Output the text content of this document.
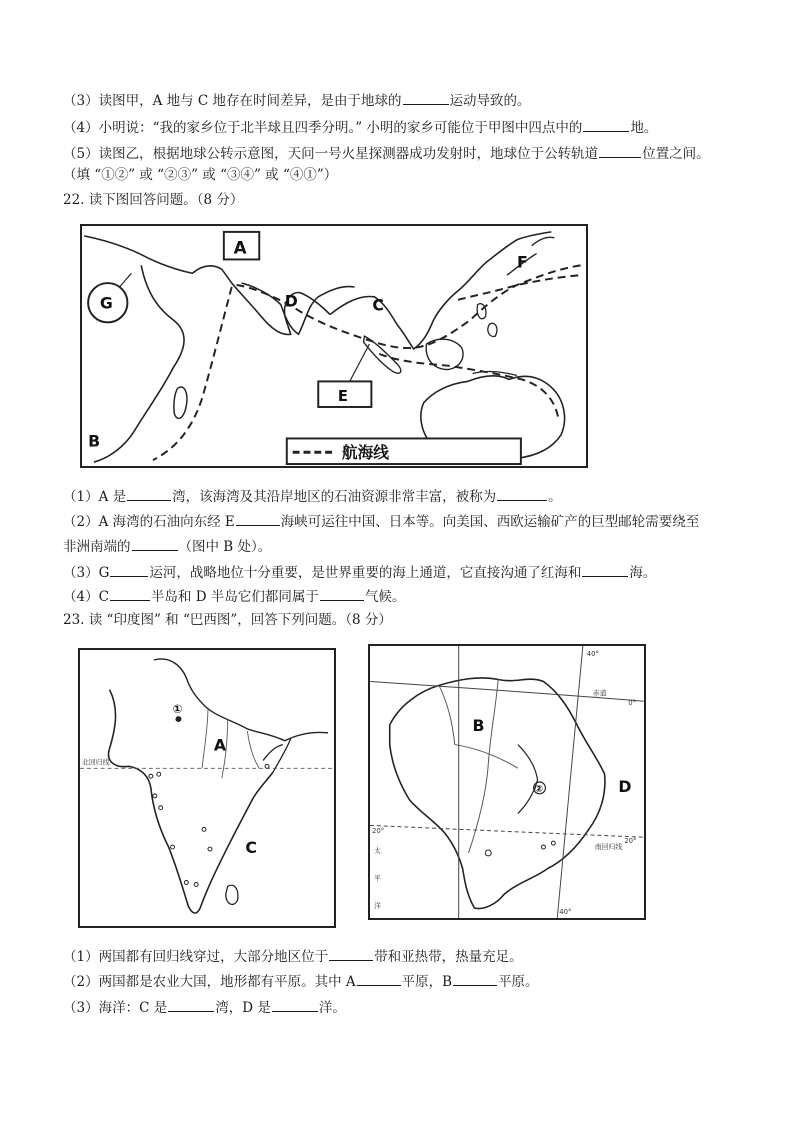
（3）读图甲，A 地与 C 地存在时间差异，是由于地球的	运动导致的。
（4）小明说：“我的家乡位于北半球且四季分明。” 小明的家乡可能位于甲图中四点中的	地。
（5）读图乙，根据地球公转示意图，天问一号火星探测器成功发射时，地球位于公转轨道	位置之间。
（填 “①②” 或 “②③” 或 “③④” 或 “④①”）
22. 读下图回答问题。（8 分）
A
G	D	C
F
B
E
航海线
（1）A 是	湾，该海湾及其沿岸地区的石油资源非常丰富，被称为	。
（2）A 海湾的石油向东经 E	海峡可运往中国、日本等。向美国、西欧运输矿产的巨型邮轮需要绕至
非洲南端的	（图中 B 处）。
（3）G	运河，战略地位十分重要，是世界重要的海上通道，它直接沟通了红海和	海。
（4）C	半岛和 D 半岛它们都同属于	气候。
23. 读 “印度图” 和 “巴西图”，回答下列问题。（8 分）
北回归线
①
A
C
赤道
0°
20°
20°
40°
40°
南回归线
太
平
洋
B
②	D
（1）两国都有回归线穿过，大部分地区位于	带和亚热带，热量充足。
（2）两国都是农业大国，地形都有平原。其中 A	平原，B	平原。
（3）海洋：C 是	湾，D 是	洋。
